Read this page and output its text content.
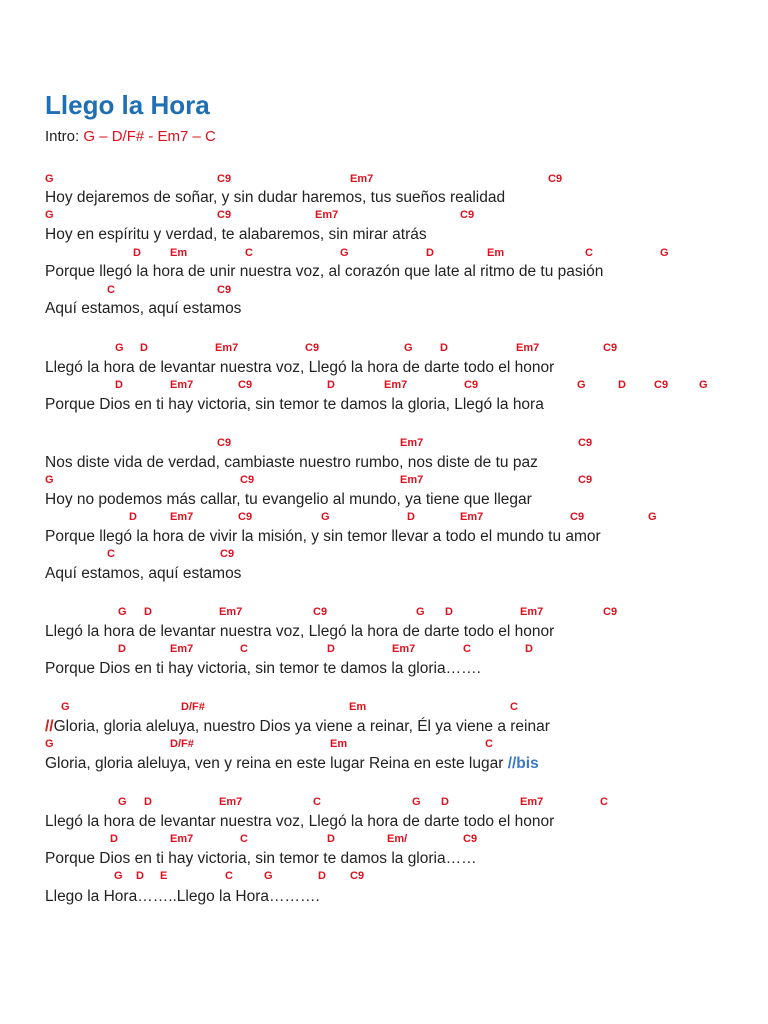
Llego la Hora
Intro: G – D/F# - Em7 – C
G	C9	Em7	C9
Hoy dejaremos de soñar, y sin dudar haremos, tus sueños realidad
G	C9	Em7	C9
Hoy en espíritu y verdad, te alabaremos, sin mirar atrás
D	Em	C	G	D	Em	C	G
Porque llegó la hora de unir nuestra voz, al corazón que late al ritmo de tu pasión
C	C9
Aquí estamos, aquí estamos
G D	Em7	C9	G D	Em7	C9
Llegó la hora de levantar nuestra voz, Llegó la hora de darte todo el honor
D	Em7	C9	D	Em7	C9	G	D	C9	G
Porque Dios en ti hay victoria, sin temor te damos la gloria, Llegó la hora
C9	Em7	C9
Nos diste vida de verdad, cambiaste nuestro rumbo, nos diste de tu paz
G	C9	Em7	C9
Hoy no podemos más callar, tu evangelio al mundo, ya tiene que llegar
D	Em7	C9	G	D	Em7	C9	G
Porque llegó la hora de vivir la misión, y sin temor llevar a todo el mundo tu amor
C	C9
Aquí estamos, aquí estamos
G D	Em7	C9	G D	Em7	C9
Llegó la hora de levantar nuestra voz, Llegó la hora de darte todo el honor
D	Em7	C	D	Em7	C	D
Porque Dios en ti hay victoria, sin temor te damos la gloria…….
G	D/F#	Em	C
//Gloria, gloria aleluya, nuestro Dios ya viene a reinar, Él ya viene a reinar
G	D/F#	Em	C
Gloria, gloria aleluya, ven y reina en este lugar Reina en este lugar //bis
G D	Em7	C	G D	Em7	C
Llegó la hora de levantar nuestra voz, Llegó la hora de darte todo el honor
D	Em7	C	D	Em/	C9
Porque Dios en ti hay victoria, sin temor te damos la gloria……
G D E	C	G	D C9
Llego la Hora……..Llego la Hora……….
